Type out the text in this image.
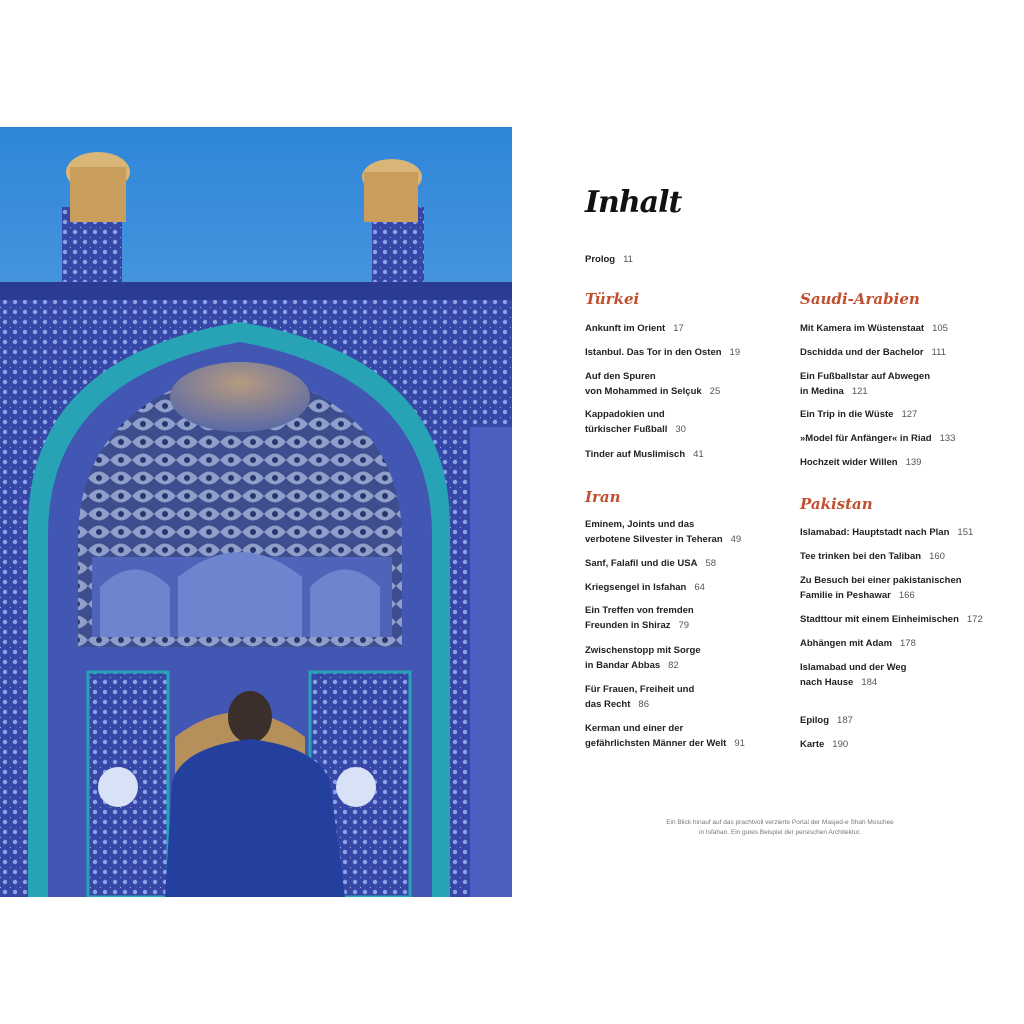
Inhalt
Prolog 11
Türkei
Ankunft im Orient 17
Istanbul. Das Tor in den Osten 19
Auf den Spuren
von Mohammed in Selçuk 25
Kappadokien und
türkischer Fußball 30
Tinder auf Muslimisch 41
Iran
Eminem, Joints und das
verbotene Silvester in Teheran 49
Sanf, Falafil und die USA 58
Kriegsengel in Isfahan 64
Ein Treffen von fremden
Freunden in Shiraz 79
Zwischenstopp mit Sorge
in Bandar Abbas 82
Für Frauen, Freiheit und
das Recht 86
Kerman und einer der
gefährlichsten Männer der Welt 91
Saudi-Arabien
Mit Kamera im Wüstenstaat 105
Dschidda und der Bachelor 111
Ein Fußballstar auf Abwegen
in Medina 121
Ein Trip in die Wüste 127
»Model für Anfänger« in Riad 133
Hochzeit wider Willen 139
Pakistan
Islamabad: Hauptstadt nach Plan 151
Tee trinken bei den Taliban 160
Zu Besuch bei einer pakistanischen
Familie in Peshawar 166
Stadttour mit einem Einheimischen 172
Abhängen mit Adam 178
Islamabad und der Weg
nach Hause 184
Epilog 187
Karte 190
Ein Blick hinauf auf das prachtvoll verzierte Portal der Masjed-e Shah Moschee
in Isfahan. Ein gutes Beispiel der persischen Architektur.
